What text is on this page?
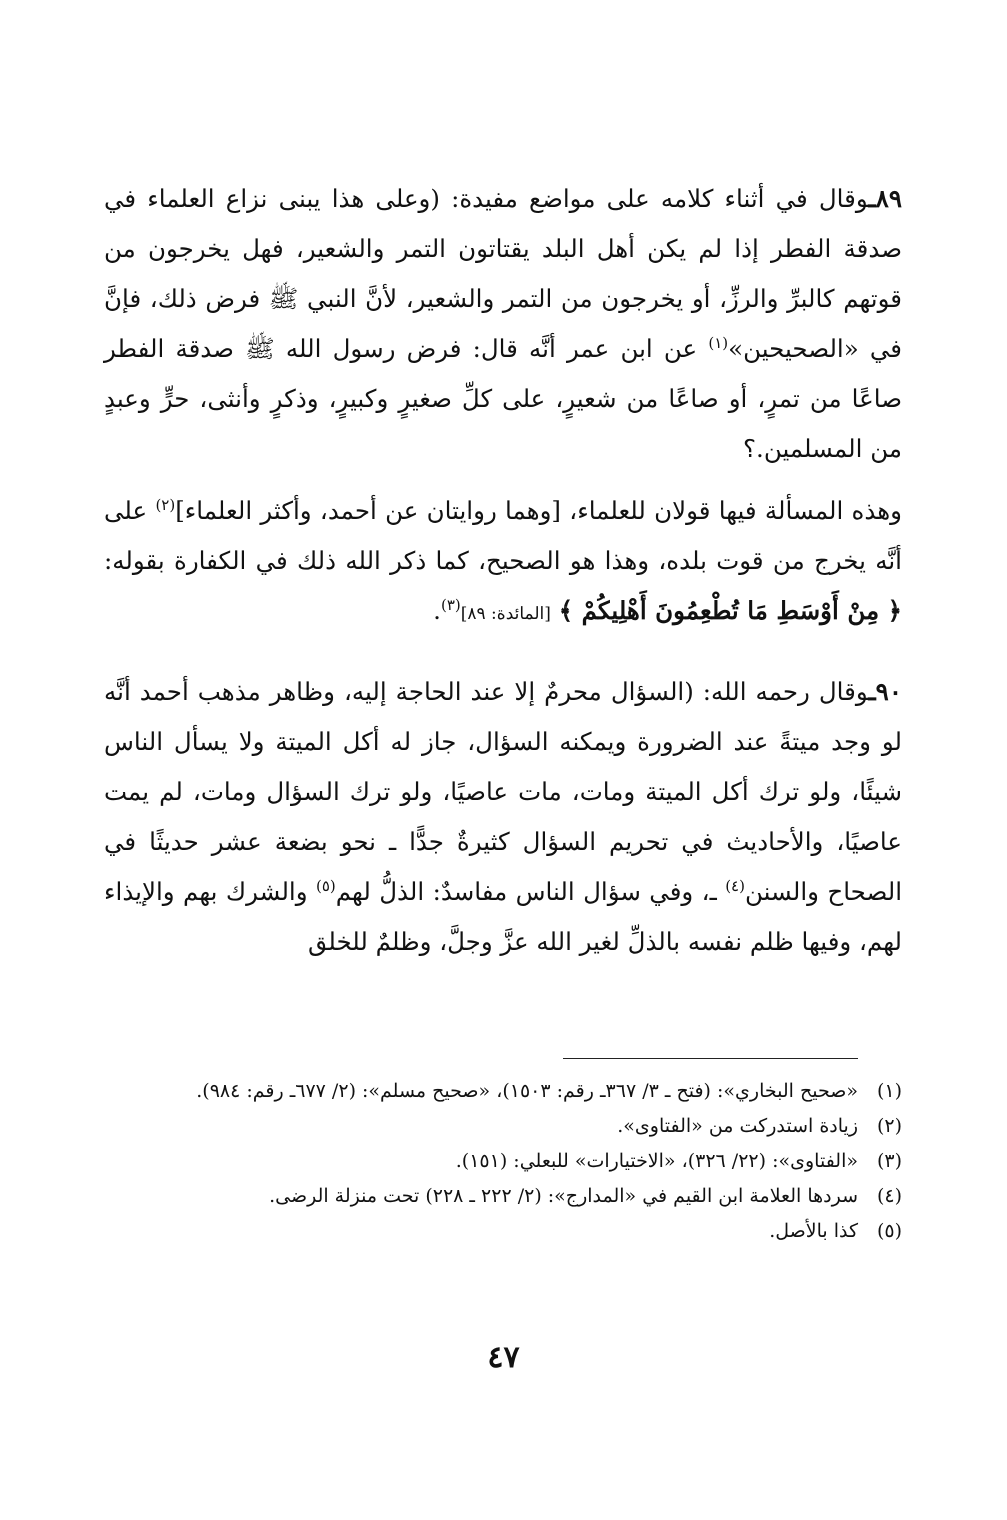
٨٩ـوقال في أثناء كلامه على مواضع مفيدة: (وعلى هذا يبنى نزاع العلماء في صدقة الفطر إذا لم يكن أهل البلد يقتاتون التمر والشعير، فهل يخرجون من قوتهم كالبرِّ والرزِّ، أو يخرجون من التمر والشعير، لأنَّ النبي ﷺ فرض ذلك، فإنَّ في «الصحيحين»$^{(١)}$ عن ابن عمر أنَّه قال: فرض رسول الله ﷺ صدقة الفطر صاعًا من تمرٍ، أو صاعًا من شعيرٍ، على كلِّ صغيرٍ وكبيرٍ، وذكرٍ وأنثى، حرٍّ وعبدٍ من المسلمين.؟

وهذه المسألة فيها قولان للعلماء، [وهما روايتان عن أحمد، وأكثر العلماء]$^{(٢)}$ على أنَّه يخرج من قوت بلده، وهذا هو الصحيح، كما ذكر الله ذلك في الكفارة بقوله: ﴿ مِنْ أَوْسَطِ مَا تُطْعِمُونَ أَهْلِيكُمْ ﴾ [المائدة: ٨٩]$^{(٣)}$.

٩٠ـوقال رحمه الله: (السؤال محرمٌ إلا عند الحاجة إليه، وظاهر مذهب أحمد أنَّه لو وجد ميتةً عند الضرورة ويمكنه السؤال، جاز له أكل الميتة ولا يسأل الناس شيئًا، ولو ترك أكل الميتة ومات، مات عاصيًا، ولو ترك السؤال ومات، لم يمت عاصيًا، والأحاديث في تحريم السؤال كثيرةٌ جدًّا ـ نحو بضعة عشر حديثًا في الصحاح والسنن$^{(٤)}$ ـ، وفي سؤال الناس مفاسدٌ: الذلُّ لهم$^{(٥)}$ والشرك بهم والإيذاء لهم، وفيها ظلم نفسه بالذلِّ لغير الله عزَّ وجلَّ، وظلمٌ للخلق

(١)
«صحيح البخاري»: (فتح ـ ٣/ ٣٦٧ـ رقم: ١٥٠٣)، «صحيح مسلم»: (٢/ ٦٧٧ـ رقم: ٩٨٤).
(٢)
زيادة استدركت من «الفتاوى».
(٣)
«الفتاوى»: (٢٢/ ٣٢٦)، «الاختيارات» للبعلي: (١٥١).
(٤)
سردها العلامة ابن القيم في «المدارج»: (٢/ ٢٢٢ ـ ٢٢٨) تحت منزلة الرضى.
(٥)
كذا بالأصل.
٤٧
